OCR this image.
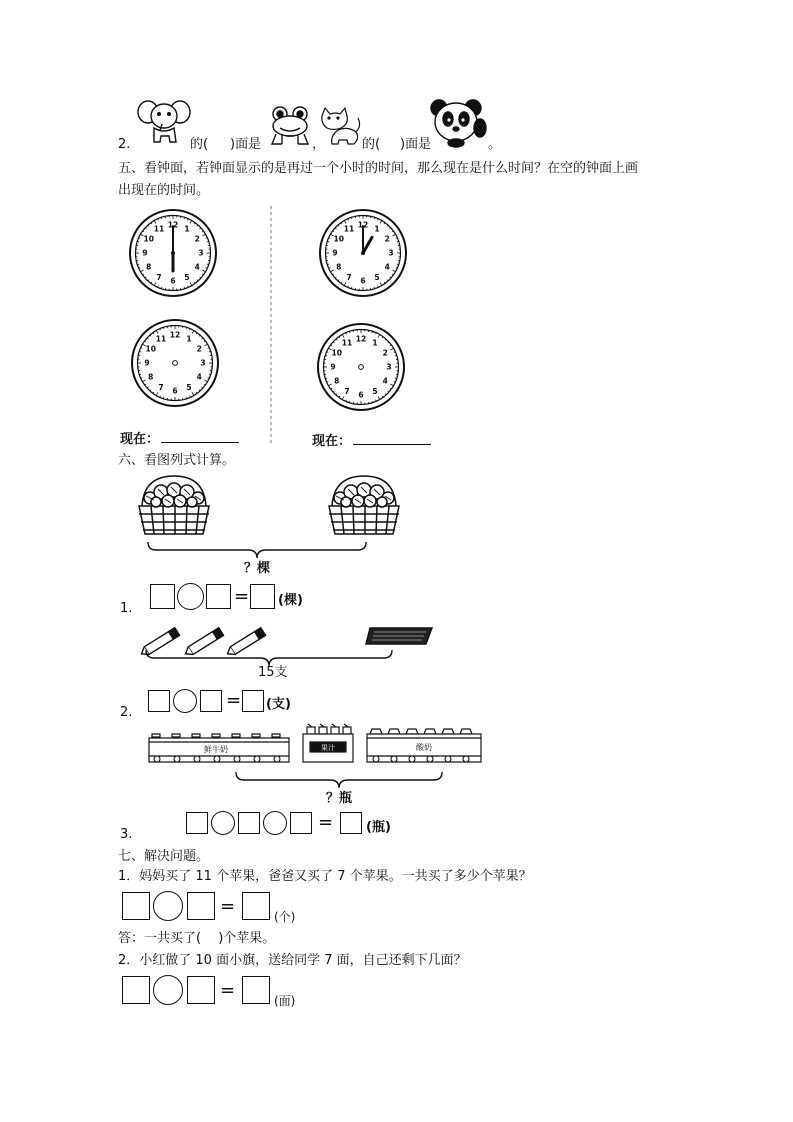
2.	的( )面是	，	的( )面是	。
五、看钟面，若钟面显示的是再过一个小时的时间，那么现在是什么时间？在空的钟面上画
出现在的时间。
12 1
2
3
4
5
6
7
8
9
10
11	12 1
2
3
4
5
6
7
8
9
10
11
12 1
2
3
4
5
6
7
8
9
10
11	12 1
2
3
4
5
6
7
8
9
10
11
现在：	现在：
六、看图列式计算。
？棵
1.
= (棵)
15支
2.
= (支)
鲜牛奶	果汁	酸奶
？瓶
3.
=	(瓶)
七、解决问题。
1．妈妈买了 11 个苹果，爸爸又买了 7 个苹果。一共买了多少个苹果？
=	(个)
答：一共买了(　 )个苹果。
2．小红做了 10 面小旗，送给同学 7 面，自己还剩下几面？
=	(面)
